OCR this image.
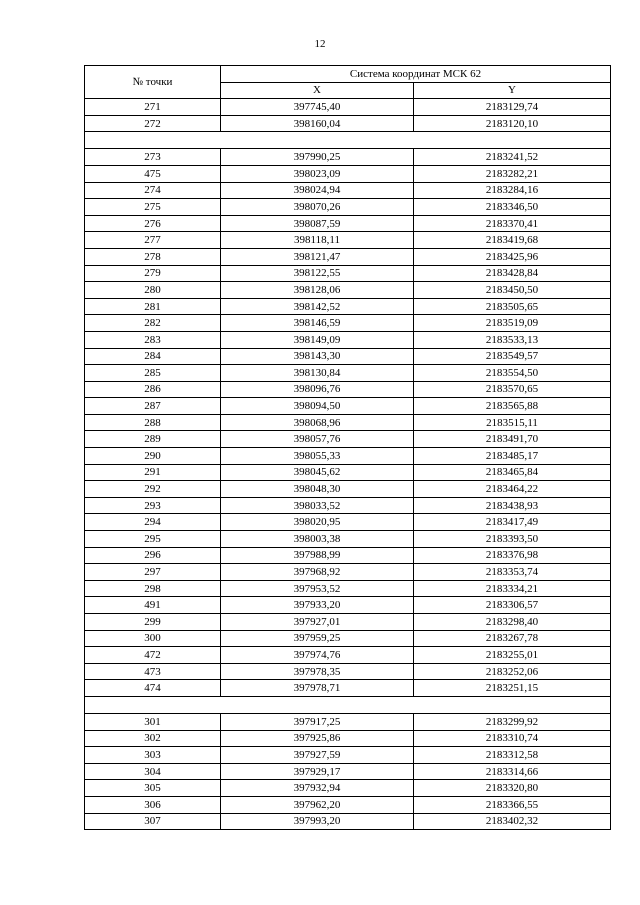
12
№ точки	Система координат МСК 62	
	X	Y
271	397745,40	2183129,74
272	398160,04	2183120,10

273	397990,25	2183241,52
475	398023,09	2183282,21
274	398024,94	2183284,16
275	398070,26	2183346,50
276	398087,59	2183370,41
277	398118,11	2183419,68
278	398121,47	2183425,96
279	398122,55	2183428,84
280	398128,06	2183450,50
281	398142,52	2183505,65
282	398146,59	2183519,09
283	398149,09	2183533,13
284	398143,30	2183549,57
285	398130,84	2183554,50
286	398096,76	2183570,65
287	398094,50	2183565,88
288	398068,96	2183515,11
289	398057,76	2183491,70
290	398055,33	2183485,17
291	398045,62	2183465,84
292	398048,30	2183464,22
293	398033,52	2183438,93
294	398020,95	2183417,49
295	398003,38	2183393,50
296	397988,99	2183376,98
297	397968,92	2183353,74
298	397953,52	2183334,21
491	397933,20	2183306,57
299	397927,01	2183298,40
300	397959,25	2183267,78
472	397974,76	2183255,01
473	397978,35	2183252,06
474	397978,71	2183251,15

301	397917,25	2183299,92
302	397925,86	2183310,74
303	397927,59	2183312,58
304	397929,17	2183314,66
305	397932,94	2183320,80
306	397962,20	2183366,55
307	397993,20	2183402,32
